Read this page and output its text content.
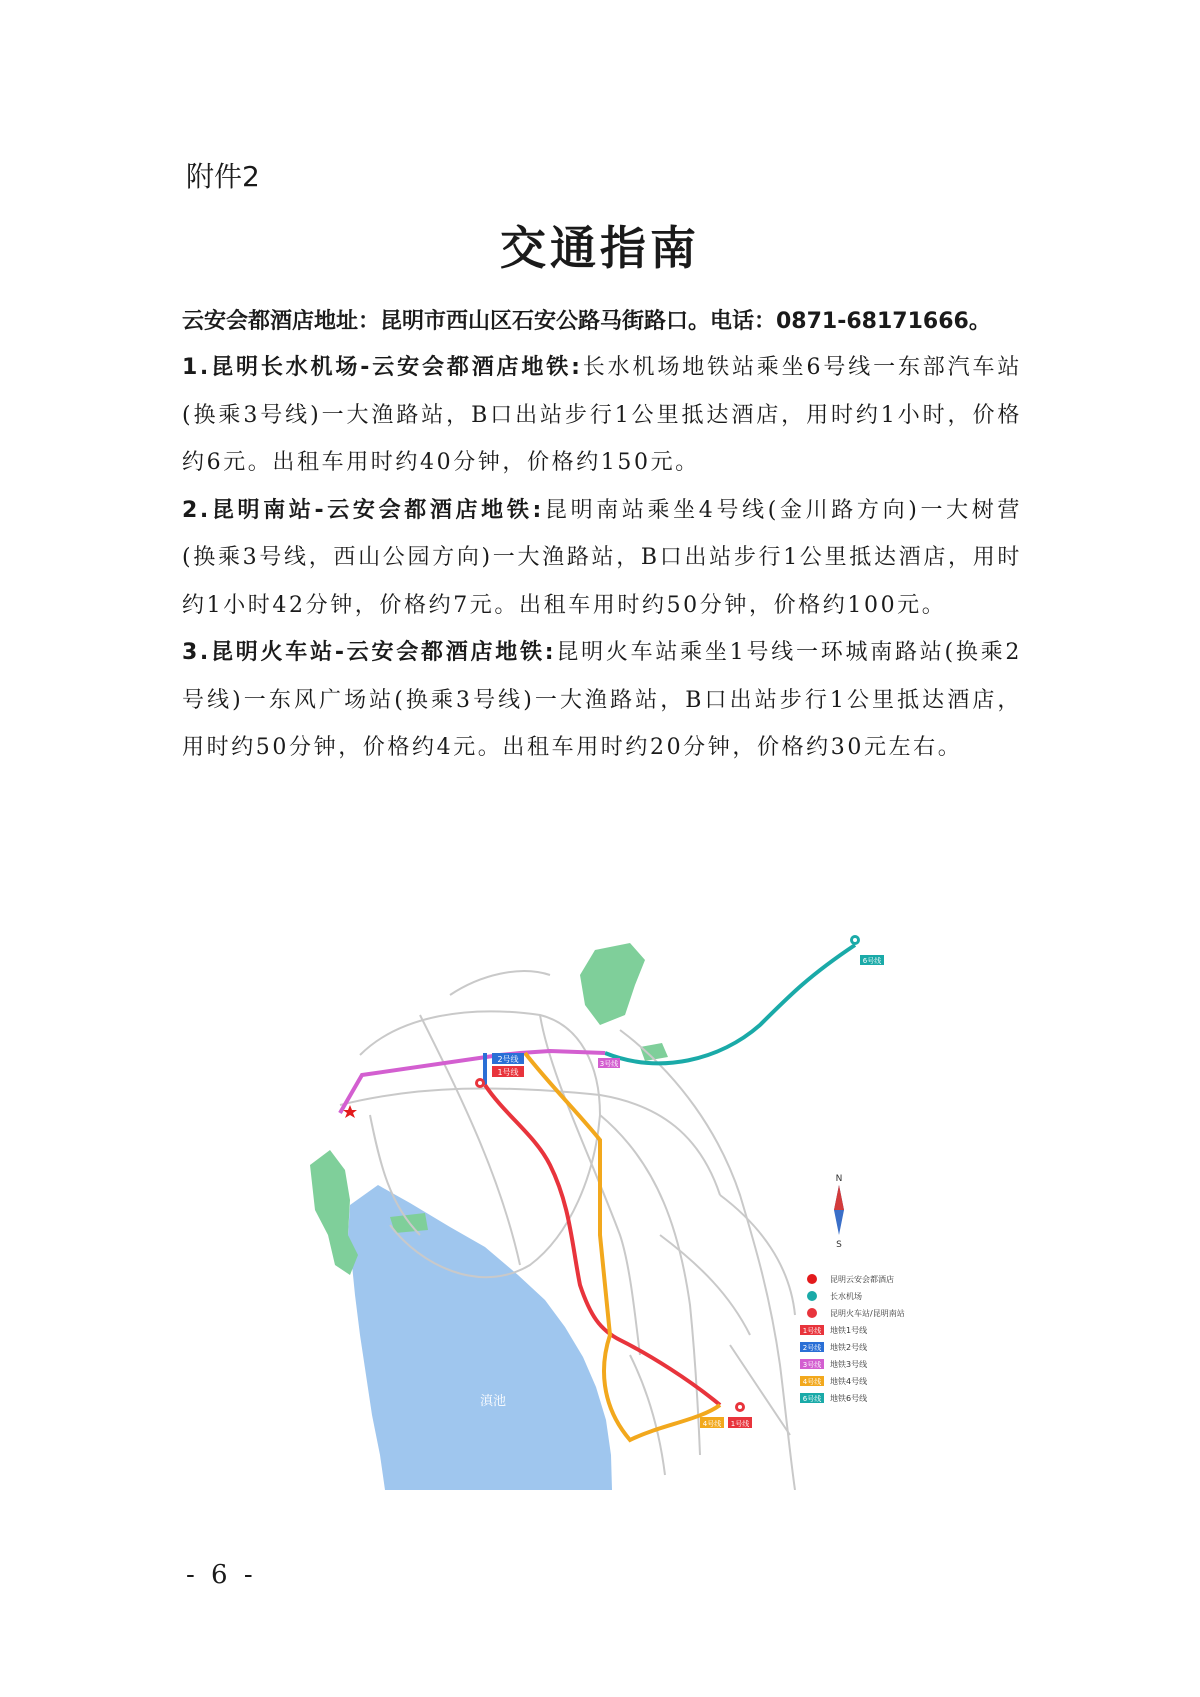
附件2
交通指南
云安会都酒店地址：昆明市西山区石安公路马街路口。电话：0871-68171666。

1.昆明长水机场-云安会都酒店地铁:长水机场地铁站乘坐6号线一东部汽车站(换乘3号线)一大渔路站，B口出站步行1公里抵达酒店，用时约1小时，价格约6元。出租车用时约40分钟，价格约150元。

2.昆明南站-云安会都酒店地铁:昆明南站乘坐4号线(金川路方向)一大树营(换乘3号线，西山公园方向)一大渔路站，B口出站步行1公里抵达酒店，用时约1小时42分钟，价格约7元。出租车用时约50分钟，价格约100元。

3.昆明火车站-云安会都酒店地铁:昆明火车站乘坐1号线一环城南路站(换乘2号线)一东风广场站(换乘3号线)一大渔路站，B口出站步行1公里抵达酒店，用时约50分钟，价格约4元。出租车用时约20分钟，价格约30元左右。

2号线
1号线
3号线
6号线
4号线 1号线
滇池
N
S
昆明云安会都酒店
长水机场
昆明火车站/昆明南站
1号线 地铁1号线
2号线 地铁2号线
3号线 地铁3号线
4号线 地铁4号线
6号线 地铁6号线
- 6 -
